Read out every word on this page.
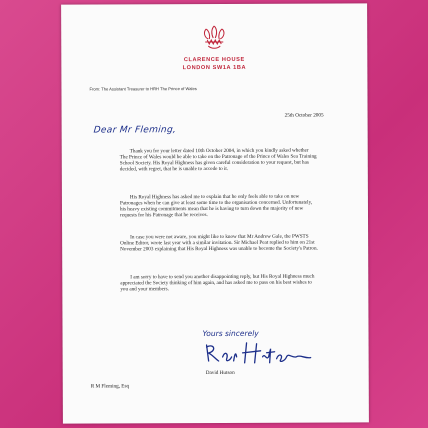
CLARENCE HOUSE
LONDON SW1A 1BA
From: The Assistant Treasurer to HRH The Prince of Wales
25th October 2005
Dear Mr Fleming,

Thank you for your letter dated 10th October 2004, in which you kindly asked whether The Prince of Wales would be able to take on the Patronage of the Prince of Wales Sea Training School Society. His Royal Highness has given careful consideration to your request, but has decided, with regret, that he is unable to accede to it.

His Royal Highness has asked me to explain that he only feels able to take on new Patronages when he can give at least some time to the organisation concerned. Unfortunately, his heavy existing commitments mean that he is having to turn down the majority of new requests for his Patronage that he receives.

In case you were not aware, you might like to know that Mr Andrew Gale, the PWSTS Online Editor, wrote last year with a similar invitation. Sir Michael Peat replied to him on 21st November 2003 explaining that His Royal Highness was unable to become the Society's Patron.

I am sorry to have to send you another disappointing reply, but His Royal Highness much appreciated the Society thinking of him again, and has asked me to pass on his best wishes to you and your members.

Yours sincerely
David Hutson
R M Fleming, Esq
